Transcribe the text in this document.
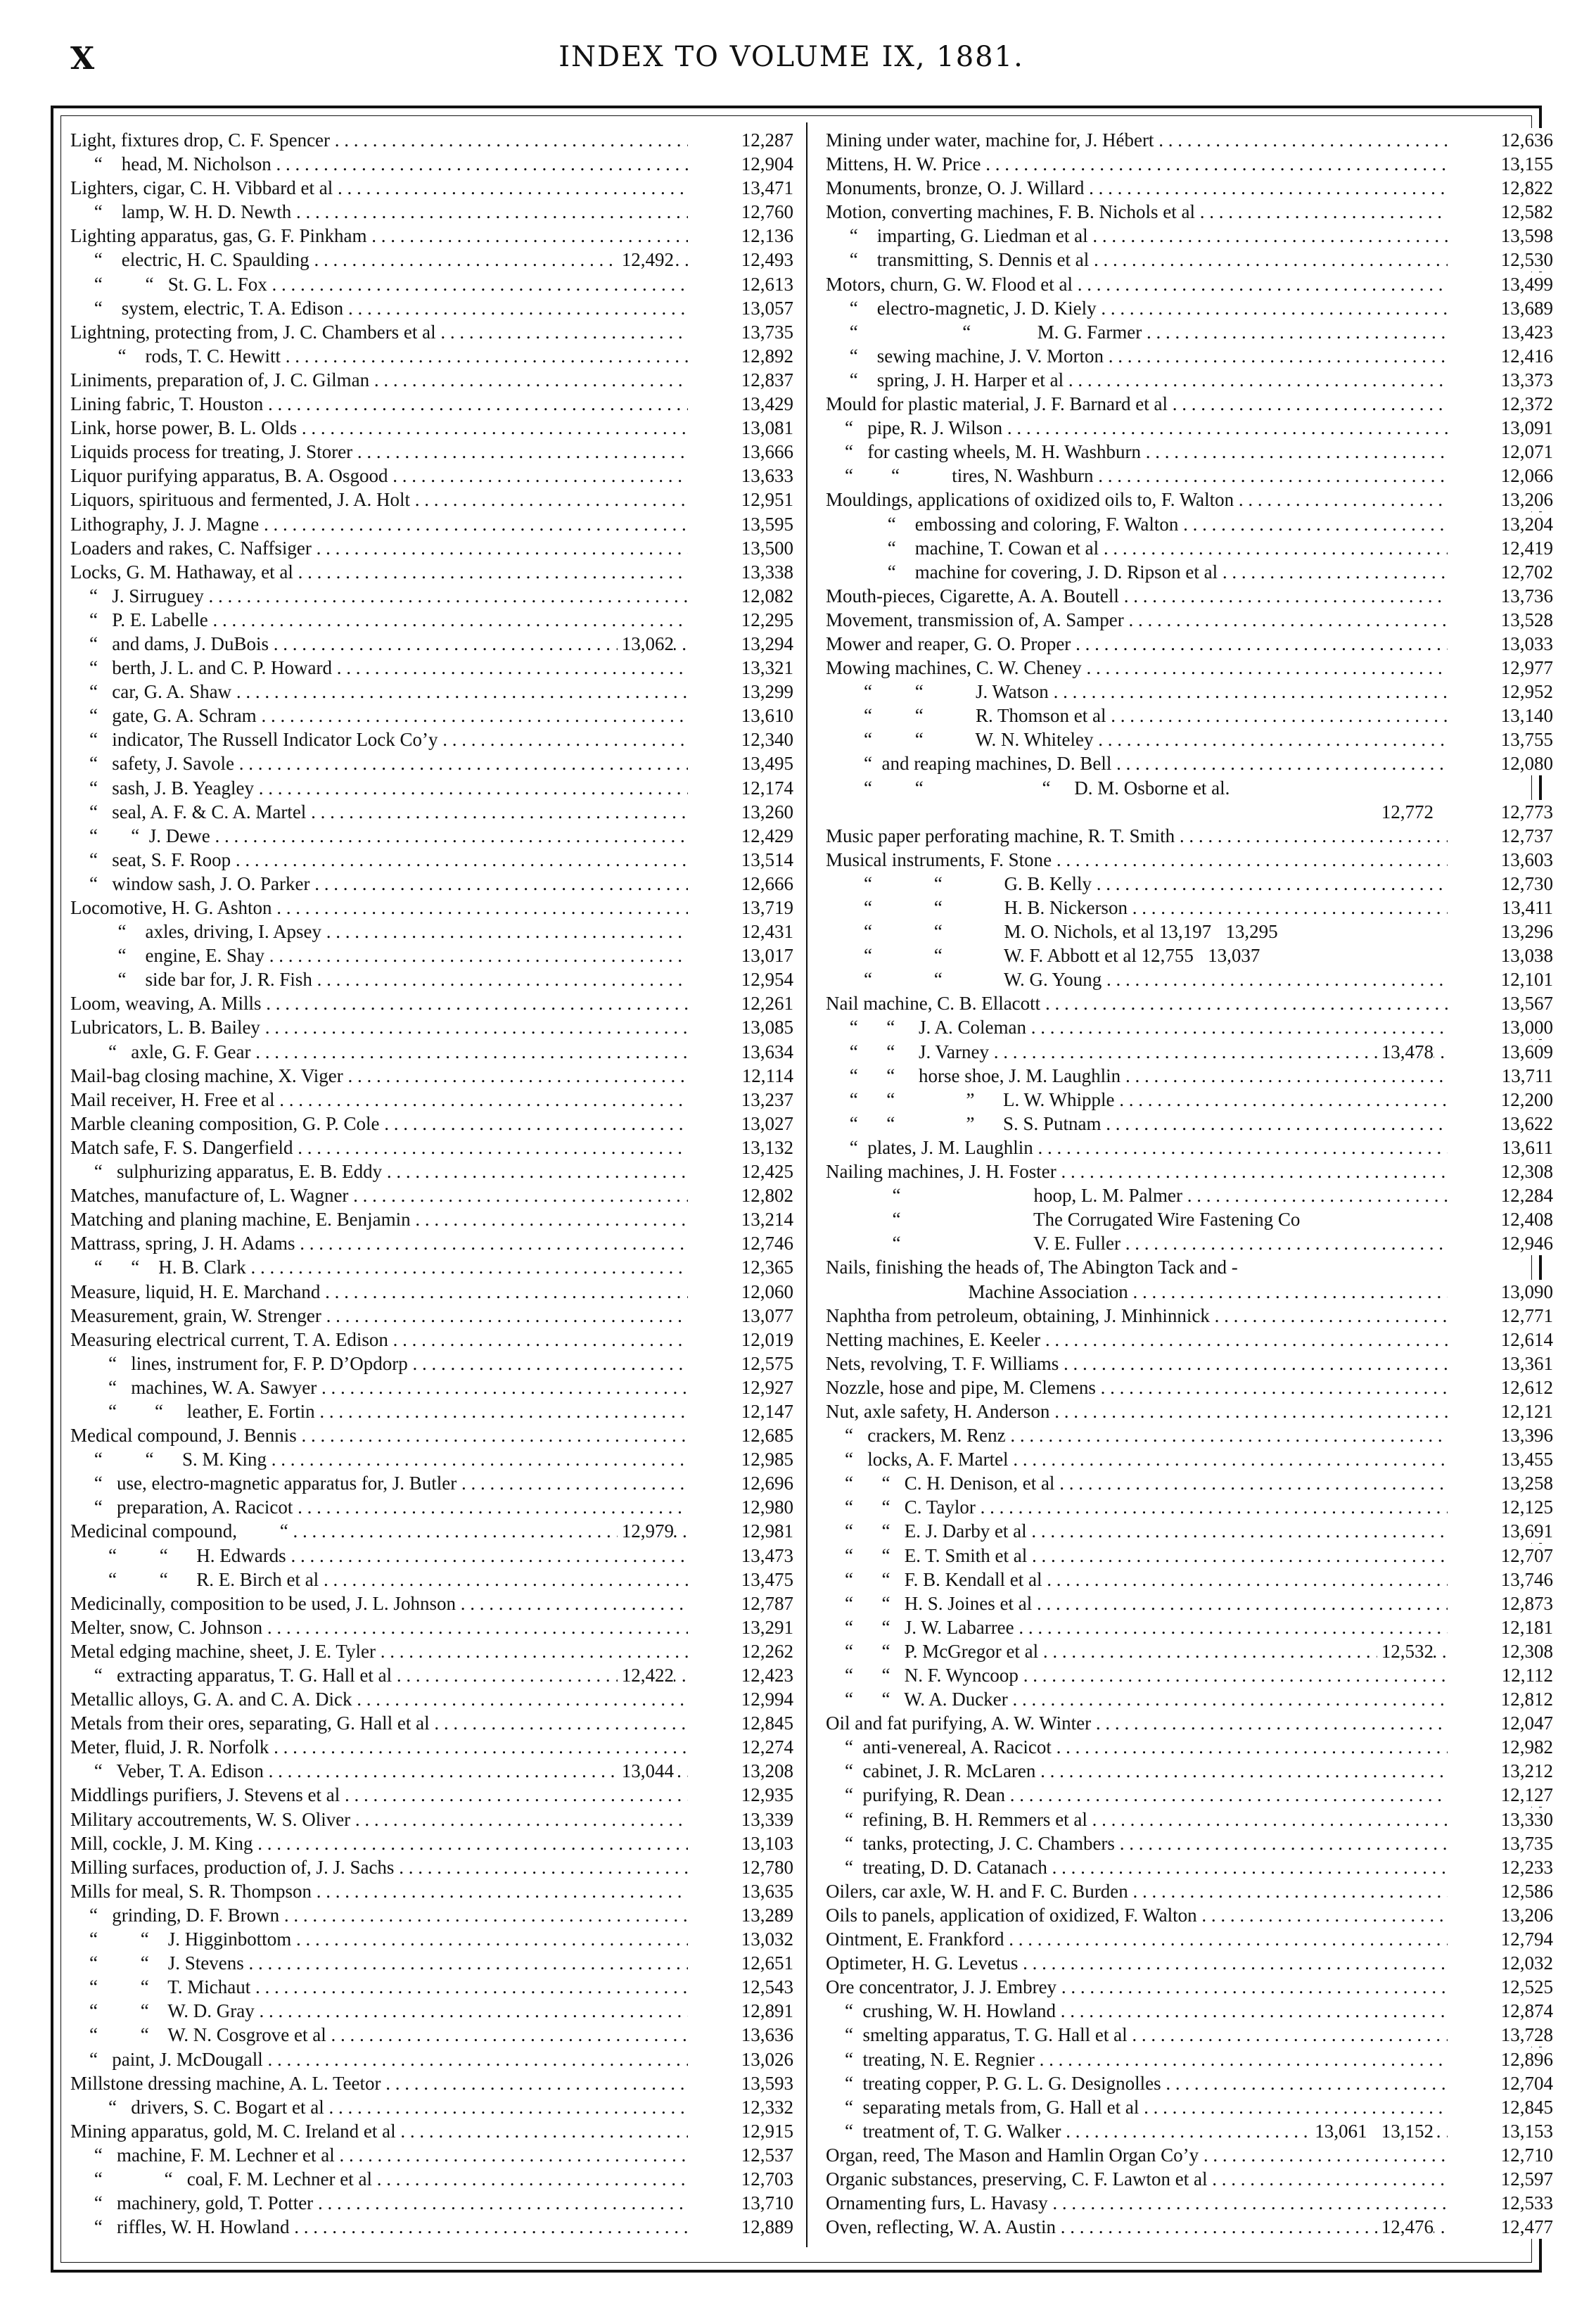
X	INDEX TO VOLUME IX, 1881.
Light, fixtures drop, C. F. Spencer . . .	12,287
“    head, M. Nicholson . . .	12,904
Lighters, cigar, C. H. Vibbard et al . . .	13,471
“    lamp, W. H. D. Newth . . .	12,760
Lighting apparatus, gas, G. F. Pinkham . . .	12,136
“    electric, H. C. Spaulding . . .	12,492	12,493
“         “   St. G. L. Fox . . .	12,613
“    system, electric, T. A. Edison . . .	13,057
Lightning, protecting from, J. C. Chambers et al . . .	13,735
“    rods, T. C. Hewitt . . .	12,892
Liniments, preparation of, J. C. Gilman . . .	12,837
Lining fabric, T. Houston . . .	13,429
Link, horse power, B. L. Olds . . .	13,081
Liquids process for treating, J. Storer . . .	13,666
Liquor purifying apparatus, B. A. Osgood . . .	13,633
Liquors, spirituous and fermented, J. A. Holt . . .	12,951
Lithography, J. J. Magne . . .	13,595
Loaders and rakes, C. Naffsiger . . .	13,500
Locks, G. M. Hathaway, et al . . .	13,338
“   J. Sirruguey . . .	12,082
“   P. E. Labelle . . .	12,295
“   and dams, J. DuBois . . .	13,062	13,294
“   berth, J. L. and C. P. Howard . . .	13,321
“   car, G. A. Shaw . . .	13,299
“   gate, G. A. Schram . . .	13,610
“   indicator, The Russell Indicator Lock Co’y . . .	12,340
“   safety, J. Savole . . .	13,495
“   sash, J. B. Yeagley . . .	12,174
“   seal, A. F. & C. A. Martel . . .	13,260
“       “  J. Dewe . . .	12,429
“   seat, S. F. Roop . . .	13,514
“   window sash, J. O. Parker . . .	12,666
Locomotive, H. G. Ashton . . .	13,719
“    axles, driving, I. Apsey . . .	12,431
“    engine, E. Shay . . .	13,017
“    side bar for, J. R. Fish . . .	12,954
Loom, weaving, A. Mills . . .	12,261
Lubricators, L. B. Bailey . . .	13,085
“   axle, G. F. Gear . . .	13,634
Mail-bag closing machine, X. Viger . . .	12,114
Mail receiver, H. Free et al . . .	13,237
Marble cleaning composition, G. P. Cole . . .	13,027
Match safe, F. S. Dangerfield . . .	13,132
“   sulphurizing apparatus, E. B. Eddy . . .	12,425
Matches, manufacture of, L. Wagner . . .	12,802
Matching and planing machine, E. Benjamin . . .	13,214
Mattrass, spring, J. H. Adams . . .	12,746
“      “    H. B. Clark . . .	12,365
Measure, liquid, H. E. Marchand . . .	12,060
Measurement, grain, W. Strenger . . .	13,077
Measuring electrical current, T. A. Edison . . .	12,019
“   lines, instrument for, F. P. D’Opdorp . . .	12,575
“   machines, W. A. Sawyer . . .	12,927
“        “     leather, E. Fortin . . .	12,147
Medical compound, J. Bennis . . .	12,685
“         “      S. M. King . . .	12,985
“   use, electro-magnetic apparatus for, J. Butler . . .	12,696
“   preparation, A. Racicot . . .	12,980
Medicinal compound,         “ . . .	12,979	12,981
“         “      H. Edwards . . .	13,473
“         “      R. E. Birch et al . . .	13,475
Medicinally, composition to be used, J. L. Johnson . . .	12,787
Melter, snow, C. Johnson . . .	13,291
Metal edging machine, sheet, J. E. Tyler . . .	12,262
“   extracting apparatus, T. G. Hall et al . . .	12,422	12,423
Metallic alloys, G. A. and C. A. Dick . . .	12,994
Metals from their ores, separating, G. Hall et al . . .	12,845
Meter, fluid, J. R. Norfolk . . .	12,274
“   Veber, T. A. Edison . . .	13,044	13,208
Middlings purifiers, J. Stevens et al . . .	12,935
Military accoutrements, W. S. Oliver . . .	13,339
Mill, cockle, J. M. King . . .	13,103
Milling surfaces, production of, J. J. Sachs . . .	12,780
Mills for meal, S. R. Thompson . . .	13,635
“   grinding, D. F. Brown . . .	13,289
“         “    J. Higginbottom . . .	13,032
“         “    J. Stevens . . .	12,651
“         “    T. Michaut . . .	12,543
“         “    W. D. Gray . . .	12,891
“         “    W. N. Cosgrove et al . . .	13,636
“   paint, J. McDougall . . .	13,026
Millstone dressing machine, A. L. Teetor . . .	13,593
“   drivers, S. C. Bogart et al . . .	12,332
Mining apparatus, gold, M. C. Ireland et al . . .	12,915
“   machine, F. M. Lechner et al . . .	12,537
“             “   coal, F. M. Lechner et al . . .	12,703
“   machinery, gold, T. Potter . . .	13,710
“   riffles, W. H. Howland . . .	12,889
Mining under water, machine for, J. Hébert . . .	12,636
Mittens, H. W. Price . . .	13,155
Monuments, bronze, O. J. Willard . . .	12,822
Motion, converting machines, F. B. Nichols et al . . .	12,582
“    imparting, G. Liedman et al . . .	13,598
“    transmitting, S. Dennis et al . . .	12,530
Motors, churn, G. W. Flood et al . . .	13,499
“    electro-magnetic, J. D. Kiely . . .	13,689
“                      “              M. G. Farmer . . .	13,423
“    sewing machine, J. V. Morton . . .	12,416
“    spring, J. H. Harper et al . . .	13,373
Mould for plastic material, J. F. Barnard et al . . .	12,372
“   pipe, R. J. Wilson . . .	13,091
“   for casting wheels, M. H. Washburn . . .	12,071
“        “           tires, N. Washburn . . .	12,066
Mouldings, applications of oxidized oils to, F. Walton . . .	13,206
“    embossing and coloring, F. Walton . . .	13,204
“    machine, T. Cowan et al . . .	12,419
“    machine for covering, J. D. Ripson et al . . .	12,702
Mouth-pieces, Cigarette, A. A. Boutell . . .	13,736
Movement, transmission of, A. Samper . . .	13,528
Mower and reaper, G. O. Proper . . .	13,033
Mowing machines, C. W. Cheney . . .	12,977
“         “           J. Watson . . .	12,952
“         “           R. Thomson et al . . .	13,140
“         “           W. N. Whiteley . . .	13,755
“  and reaping machines, D. Bell . . .	12,080
“         “                         “     D. M. Osborne et al.
12,772	12,773
Music paper perforating machine, R. T. Smith . . .	12,737
Musical instruments, F. Stone . . .	13,603
“             “             G. B. Kelly . . .	12,730
“             “             H. B. Nickerson . . .	13,411
“             “             M. O. Nichols, et al 13,197   13,295	13,296
“             “             W. F. Abbott et al 12,755   13,037	13,038
“             “             W. G. Young . . .	12,101
Nail machine, C. B. Ellacott . . .	13,567
“      “     J. A. Coleman . . .	13,000
“      “     J. Varney . . .	13,478	13,609
“      “     horse shoe, J. M. Laughlin . . .	13,711
“      “               ”      L. W. Whipple . . .	12,200
“      “               ”      S. S. Putnam . . .	13,622
“  plates, J. M. Laughlin . . .	13,611
Nailing machines, J. H. Foster . . .	12,308
“                            hoop, L. M. Palmer . . .	12,284
“                            The Corrugated Wire Fastening Co	12,408
“                            V. E. Fuller . . .	12,946
Nails, finishing the heads of, The Abington Tack and -
Machine Association . . .	13,090
Naphtha from petroleum, obtaining, J. Minhinnick . . .	12,771
Netting machines, E. Keeler . . .	12,614
Nets, revolving, T. F. Williams . . .	13,361
Nozzle, hose and pipe, M. Clemens . . .	12,612
Nut, axle safety, H. Anderson . . .	12,121
“   crackers, M. Renz . . .	13,396
“   locks, A. F. Martel . . .	13,455
“      “   C. H. Denison, et al . . .	13,258
“      “   C. Taylor . . .	12,125
“      “   E. J. Darby et al . . .	13,691
“      “   E. T. Smith et al . . .	12,707
“      “   F. B. Kendall et al . . .	13,746
“      “   H. S. Joines et al . . .	12,873
“      “   J. W. Labarree . . .	12,181
“      “   P. McGregor et al . . .	12,532	12,308
“      “   N. F. Wyncoop . . .	12,112
“      “   W. A. Ducker . . .	12,812
Oil and fat purifying, A. W. Winter . . .	12,047
“  anti-venereal, A. Racicot . . .	12,982
“  cabinet, J. R. McLaren . . .	13,212
“  purifying, R. Dean . . .	12,127
“  refining, B. H. Remmers et al . . .	13,330
“  tanks, protecting, J. C. Chambers . . .	13,735
“  treating, D. D. Catanach . . .	12,233
Oilers, car axle, W. H. and F. C. Burden . . .	12,586
Oils to panels, application of oxidized, F. Walton . . .	13,206
Ointment, E. Frankford . . .	12,794
Optimeter, H. G. Levetus . . .	12,032
Ore concentrator, J. J. Embrey . . .	12,525
“  crushing, W. H. Howland . . .	12,874
“  smelting apparatus, T. G. Hall et al . . .	13,728
“  treating, N. E. Regnier . . .	12,896
“  treating copper, P. G. L. G. Designolles . . .	12,704
“  separating metals from, G. Hall et al . . .	12,845
“  treatment of, T. G. Walker . . .	13,061   13,152	13,153
Organ, reed, The Mason and Hamlin Organ Co’y . . .	12,710
Organic substances, preserving, C. F. Lawton et al . . .	12,597
Ornamenting furs, L. Havasy . . .	12,533
Oven, reflecting, W. A. Austin . . .	12,476	12,477
